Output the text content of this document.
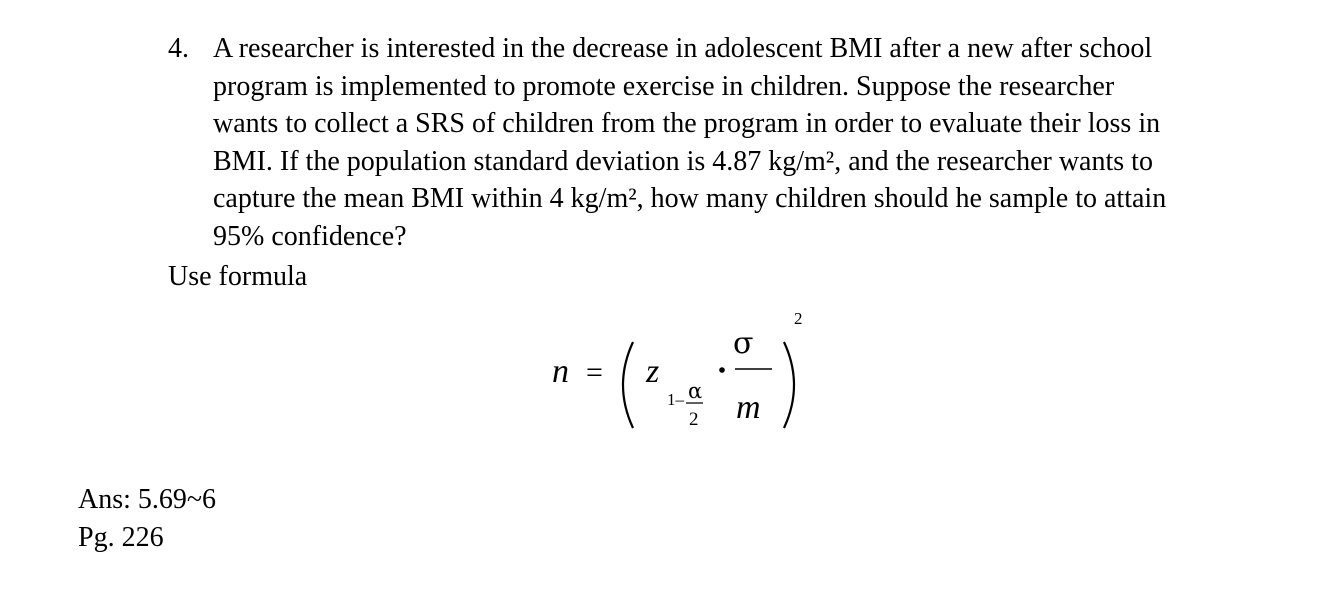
4. A researcher is interested in the decrease in adolescent BMI after a new after school
program is implemented to promote exercise in children. Suppose the researcher
wants to collect a SRS of children from the program in order to evaluate their loss in
BMI. If the population standard deviation is 4.87 kg/m², and the researcher wants to
capture the mean BMI within 4 kg/m², how many children should he sample to attain
95% confidence?
Use formula
n = z
1– α
2
σ
m
2
Ans: 5.69~6
Pg. 226
